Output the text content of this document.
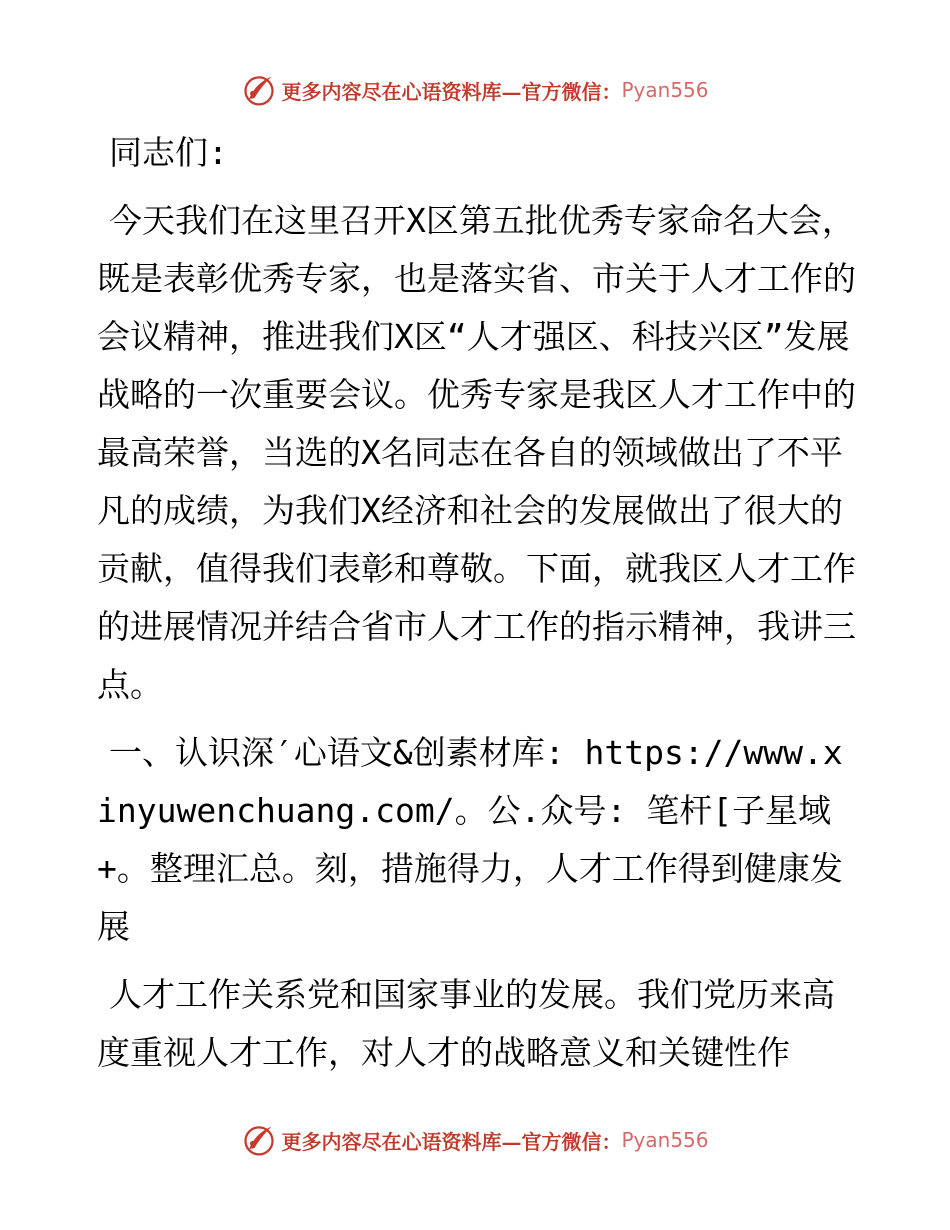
更多内容尽在心语资料库—官方微信： Pyan556

同志们:

今天我们在这里召开X区第五批优秀专家命名大会，既是表彰优秀专家，也是落实省、市关于人才工作的会议精神，推进我们X区“人才强区、科技兴区”发展战略的一次重要会议。优秀专家是我区人才工作中的最高荣誉，当选的X名同志在各自的领域做出了不平凡的成绩，为我们X经济和社会的发展做出了很大的贡献，值得我们表彰和尊敬。下面，就我区人才工作的进展情况并结合省市人才工作的指示精神，我讲三点。

一、认识深′心语文&创素材库: https://www.xinyuwenchuang.com/。公.众号: 笔杆[子星域+。整理汇总。刻，措施得力，人才工作得到健康发展

人才工作关系党和国家事业的发展。我们党历来高度重视人才工作，对人才的战略意义和关键性作

更多内容尽在心语资料库—官方微信： Pyan556
